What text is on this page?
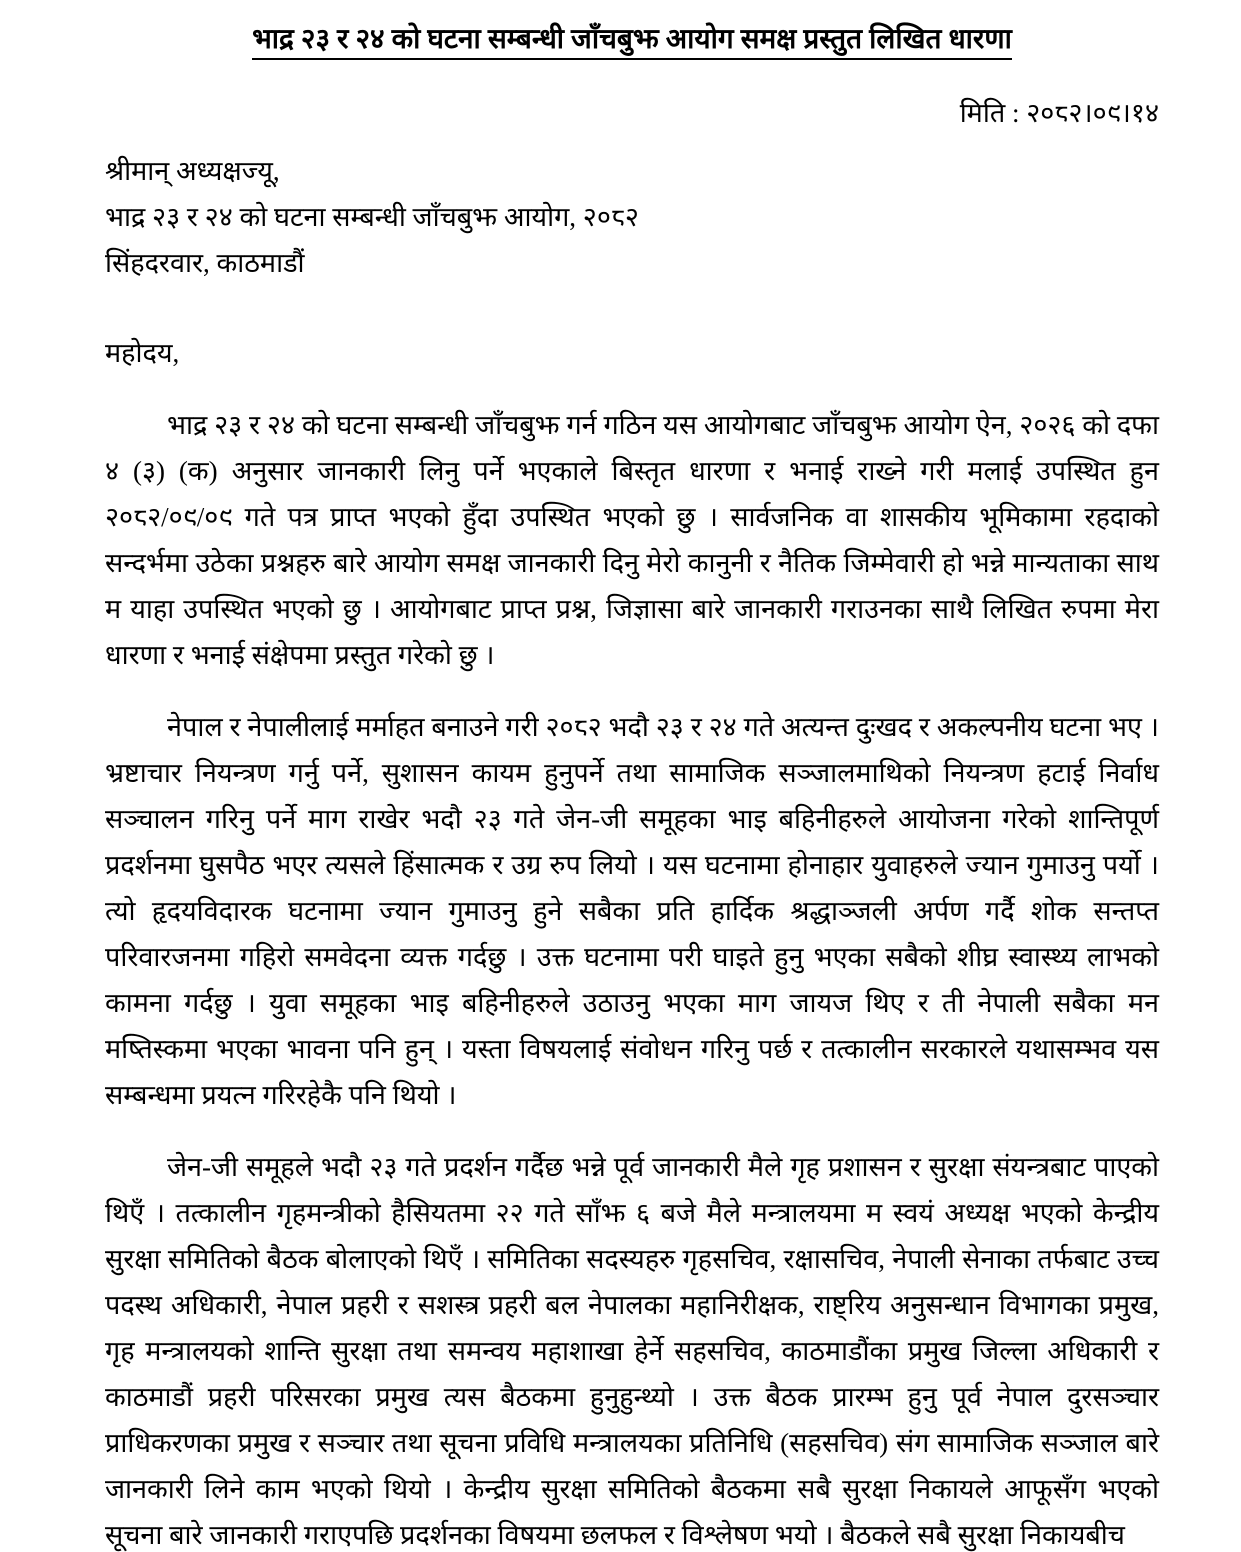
भाद्र २३ र २४ को घटना सम्बन्धी जाँचबुझ आयोग समक्ष प्रस्तुत लिखित धारणा
मिति : २०८२।०९।१४
श्रीमान् अध्यक्षज्यू,
भाद्र २३ र २४ को घटना सम्बन्धी जाँचबुझ आयोग, २०८२
सिंहदरवार, काठमाडौं
महोदय,

भाद्र २३ र २४ को घटना सम्बन्धी जाँचबुझ गर्न गठिन यस आयोगबाट जाँचबुझ आयोग ऐन, २०२६ को दफा ४ (३) (क) अनुसार जानकारी लिनु पर्ने भएकाले बिस्तृत धारणा र भनाई राख्ने गरी मलाई उपस्थित हुन २०८२/०९/०९ गते पत्र प्राप्त भएको हुँदा उपस्थित भएको छु । सार्वजनिक वा शासकीय भूमिकामा रहदाको सन्दर्भमा उठेका प्रश्नहरु बारे आयोग समक्ष जानकारी दिनु मेरो कानुनी र नैतिक जिम्मेवारी हो भन्ने मान्यताका साथ म याहा उपस्थित भएको छु । आयोगबाट प्राप्त प्रश्न, जिज्ञासा बारे जानकारी गराउनका साथै लिखित रुपमा मेरा धारणा र भनाई संक्षेपमा प्रस्तुत गरेको छु ।

नेपाल र नेपालीलाई मर्माहत बनाउने गरी २०८२ भदौ २३ र २४ गते अत्यन्त दुःखद र अकल्पनीय घटना भए । भ्रष्टाचार नियन्त्रण गर्नु पर्ने, सुशासन कायम हुनुपर्ने तथा सामाजिक सञ्जालमाथिको नियन्त्रण हटाई निर्वाध सञ्चालन गरिनु पर्ने माग राखेर भदौ २३ गते जेन-जी समूहका भाइ बहिनीहरुले आयोजना गरेको शान्तिपूर्ण प्रदर्शनमा घुसपैठ भएर त्यसले हिंसात्मक र उग्र रुप लियो । यस घटनामा होनाहार युवाहरुले ज्यान गुमाउनु पर्यो । त्यो हृदयविदारक घटनामा ज्यान गुमाउनु हुने सबैका प्रति हार्दिक श्रद्धाञ्जली अर्पण गर्दै शोक सन्तप्त परिवारजनमा गहिरो समवेदना व्यक्त गर्दछु । उक्त घटनामा परी घाइते हुनु भएका सबैको शीघ्र स्वास्थ्य लाभको कामना गर्दछु । युवा समूहका भाइ बहिनीहरुले उठाउनु भएका माग जायज थिए र ती नेपाली सबैका मन मष्तिस्कमा भएका भावना पनि हुन् । यस्ता विषयलाई संवोधन गरिनु पर्छ र तत्कालीन सरकारले यथासम्भव यस सम्बन्धमा प्रयत्न गरिरहेकै पनि थियो ।

जेन-जी समूहले भदौ २३ गते प्रदर्शन गर्दैछ भन्ने पूर्व जानकारी मैले गृह प्रशासन र सुरक्षा संयन्त्रबाट पाएको थिएँ । तत्कालीन गृहमन्त्रीको हैसियतमा २२ गते साँझ ६ बजे मैले मन्त्रालयमा म स्वयं अध्यक्ष भएको केन्द्रीय सुरक्षा समितिको बैठक बोलाएको थिएँ । समितिका सदस्यहरु गृहसचिव, रक्षासचिव, नेपाली सेनाका तर्फबाट उच्च पदस्थ अधिकारी, नेपाल प्रहरी र सशस्त्र प्रहरी बल नेपालका महानिरीक्षक, राष्ट्रिय अनुसन्धान विभागका प्रमुख, गृह मन्त्रालयको शान्ति सुरक्षा तथा समन्वय महाशाखा हेर्ने सहसचिव, काठमाडौंका प्रमुख जिल्ला अधिकारी र काठमाडौं प्रहरी परिसरका प्रमुख त्यस बैठकमा हुनुहुन्थ्यो । उक्त बैठक प्रारम्भ हुनु पूर्व नेपाल दुरसञ्चार प्राधिकरणका प्रमुख र सञ्चार तथा सूचना प्रविधि मन्त्रालयका प्रतिनिधि (सहसचिव) संग सामाजिक सञ्जाल बारे जानकारी लिने काम भएको थियो । केन्द्रीय सुरक्षा समितिको बैठकमा सबै सुरक्षा निकायले आफूसँग भएको सूचना बारे जानकारी गराएपछि प्रदर्शनका विषयमा छलफल र विश्लेषण भयो । बैठकले सबै सुरक्षा निकायबीच
